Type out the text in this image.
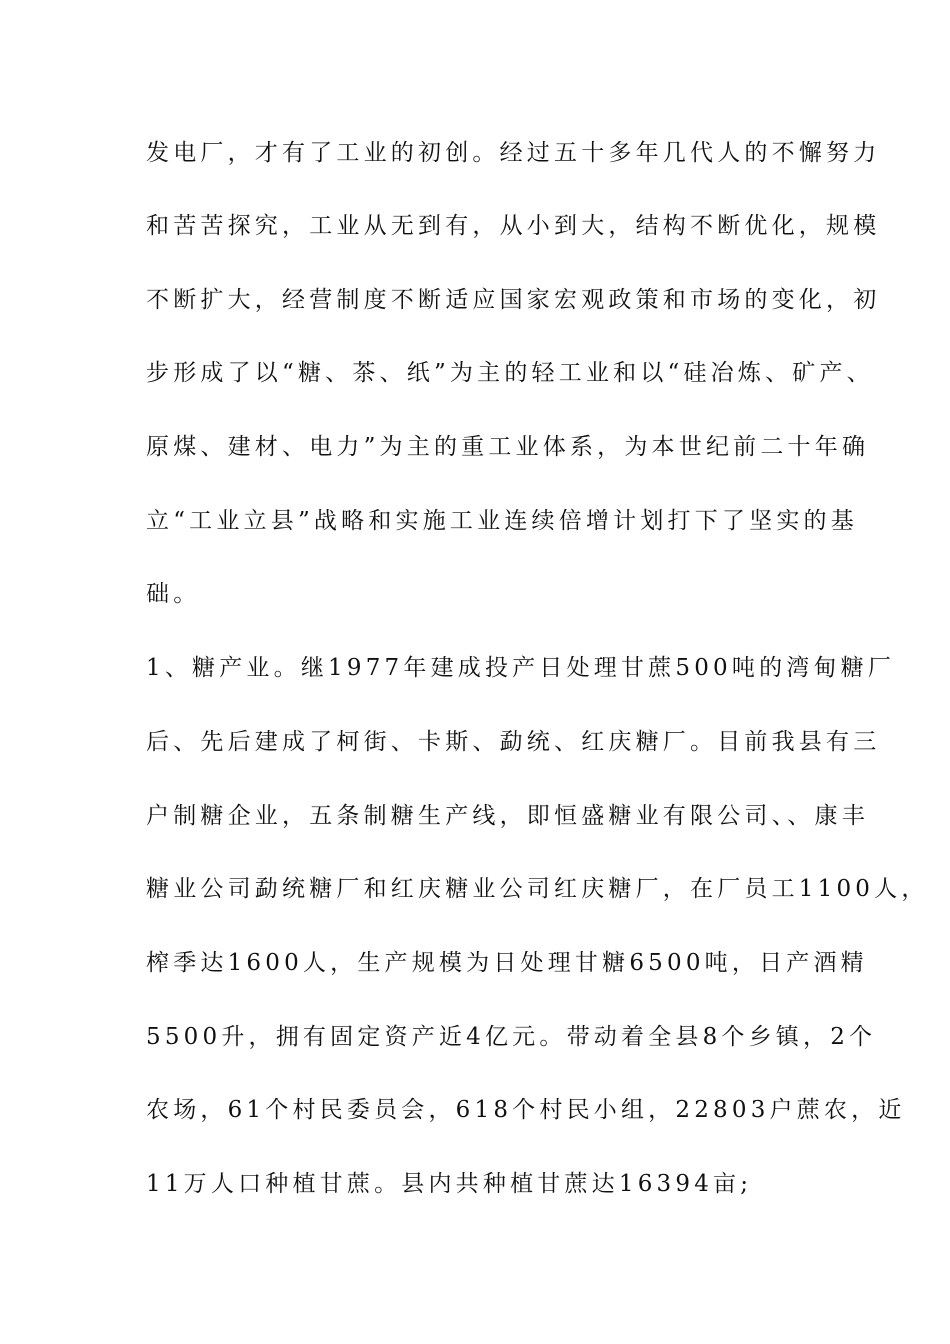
发电厂，才有了工业的初创。经过五十多年几代人的不懈努力
和苦苦探究，工业从无到有，从小到大，结构不断优化，规模
不断扩大，经营制度不断适应国家宏观政策和市场的变化，初
步形成了以“糖、茶、纸”为主的轻工业和以“硅冶炼、矿产、
原煤、建材、电力”为主的重工业体系，为本世纪前二十年确
立“工业立县”战略和实施工业连续倍增计划打下了坚实的基
础。
1、糖产业。继1977年建成投产日处理甘蔗500吨的湾甸糖厂
后、先后建成了柯街、卡斯、勐统、红庆糖厂。目前我县有三
户制糖企业，五条制糖生产线，即恒盛糖业有限公司、、康丰
糖业公司勐统糖厂和红庆糖业公司红庆糖厂，在厂员工1100人，
榨季达1600人，生产规模为日处理甘糖6500吨，日产酒精
5500升，拥有固定资产近4亿元。带动着全县8个乡镇，2个
农场，61个村民委员会，618个村民小组，22803户蔗农，近
11万人口种植甘蔗。县内共种植甘蔗达16394亩;
